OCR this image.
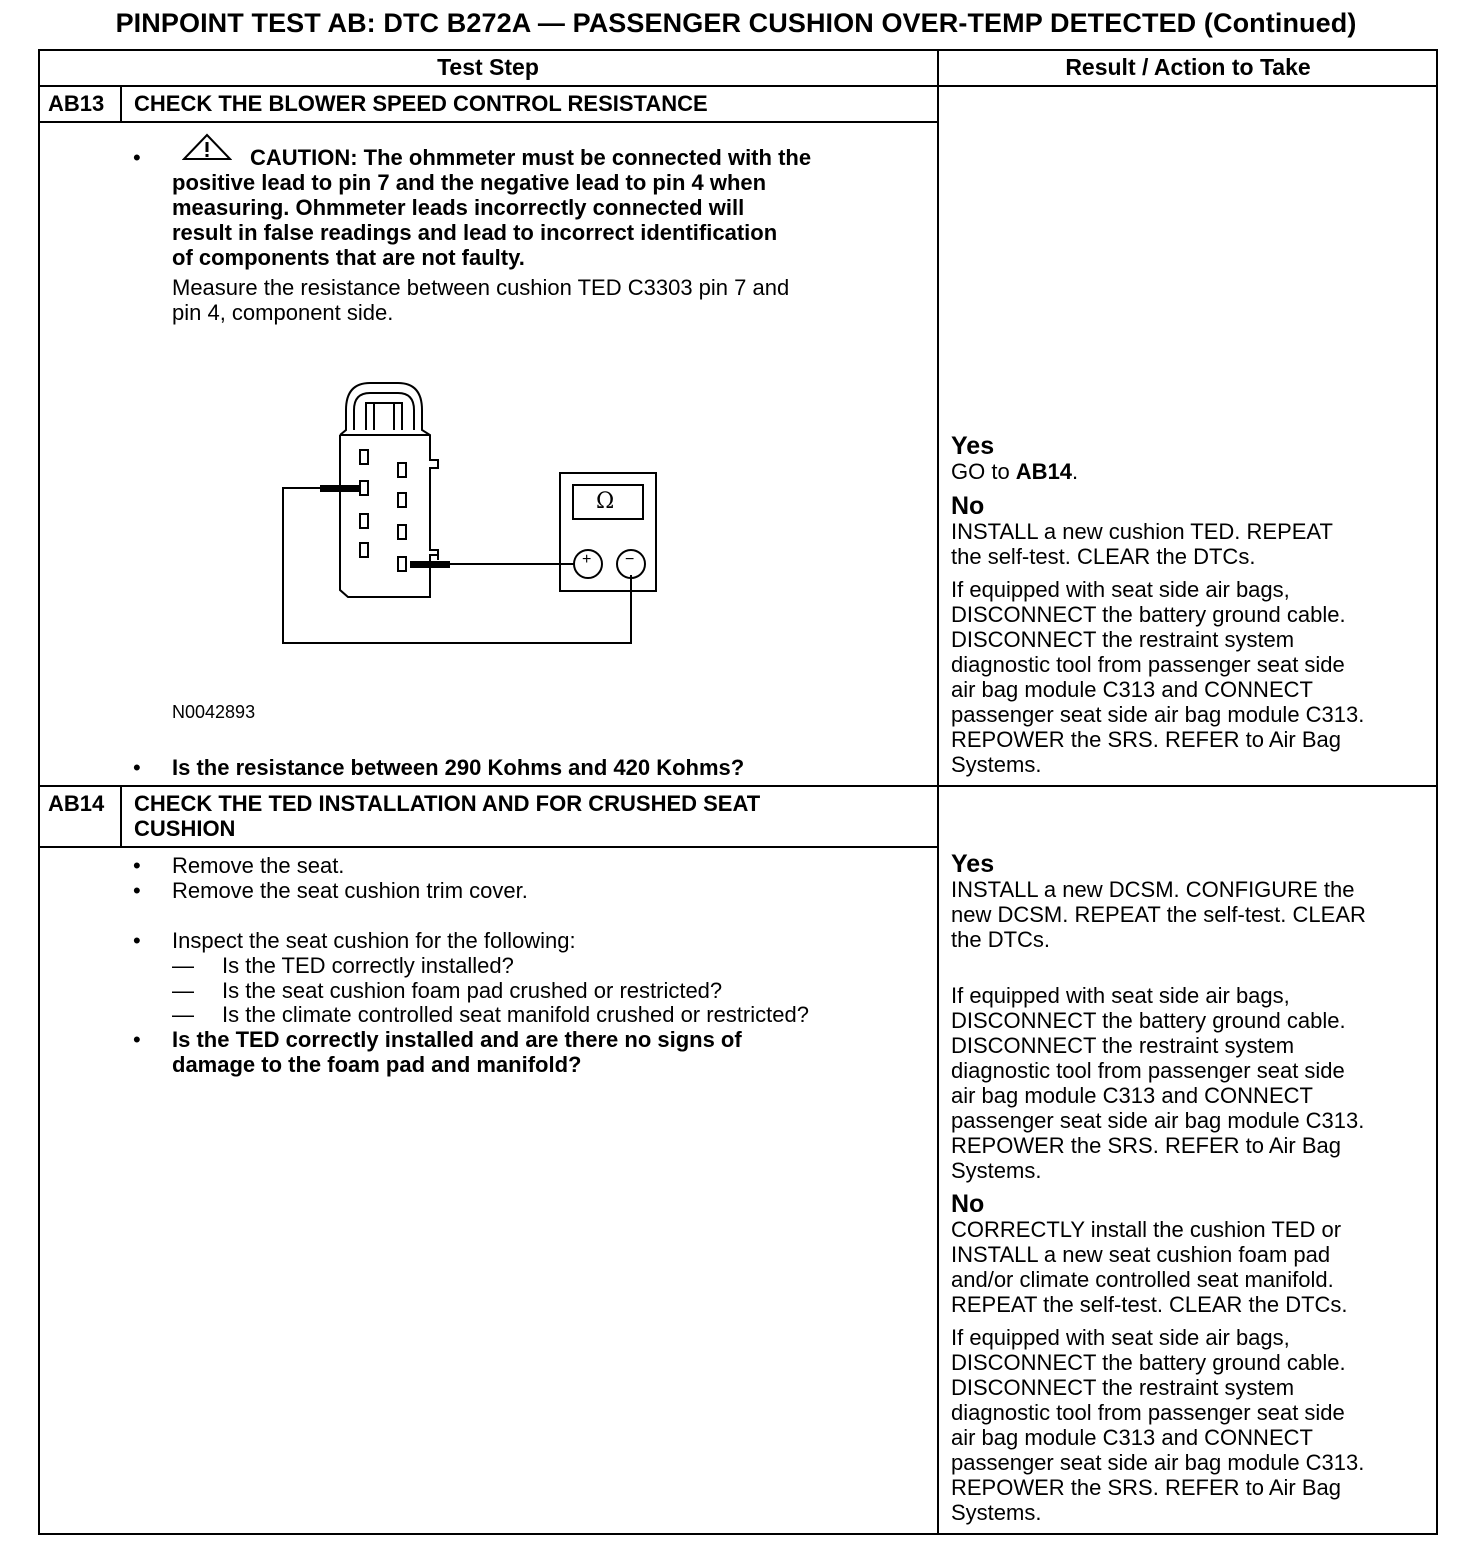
PINPOINT TEST AB: DTC B272A — PASSENGER CUSHION OVER-TEMP DETECTED (Continued)
Test Step	Result / Action to Take
AB13 CHECK THE BLOWER SPEED CONTROL RESISTANCE
•	CAUTION: The ohmmeter must be connected with the
positive lead to pin 7 and the negative lead to pin 4 when
measuring. Ohmmeter leads incorrectly connected will
result in false readings and lead to incorrect identification
of components that are not faulty.
Measure the resistance between cushion TED C3303 pin 7 and
pin 4, component side.
Ω
+ −
N0042893
• Is the resistance between 290 Kohms and 420 Kohms?
Yes
GO to AB14.
No
INSTALL a new cushion TED. REPEAT
the self-test. CLEAR the DTCs.
If equipped with seat side air bags,
DISCONNECT the battery ground cable.
DISCONNECT the restraint system
diagnostic tool from passenger seat side
air bag module C313 and CONNECT
passenger seat side air bag module C313.
REPOWER the SRS. REFER to Air Bag
Systems.
AB14 CHECK THE TED INSTALLATION AND FOR CRUSHED SEAT
CUSHION
• Remove the seat.
• Remove the seat cushion trim cover.
• Inspect the seat cushion for the following:
— Is the TED correctly installed?
— Is the seat cushion foam pad crushed or restricted?
— Is the climate controlled seat manifold crushed or restricted?
• Is the TED correctly installed and are there no signs of
damage to the foam pad and manifold?
Yes
INSTALL a new DCSM. CONFIGURE the
new DCSM. REPEAT the self-test. CLEAR
the DTCs.
If equipped with seat side air bags,
DISCONNECT the battery ground cable.
DISCONNECT the restraint system
diagnostic tool from passenger seat side
air bag module C313 and CONNECT
passenger seat side air bag module C313.
REPOWER the SRS. REFER to Air Bag
Systems.
No
CORRECTLY install the cushion TED or
INSTALL a new seat cushion foam pad
and/or climate controlled seat manifold.
REPEAT the self-test. CLEAR the DTCs.
If equipped with seat side air bags,
DISCONNECT the battery ground cable.
DISCONNECT the restraint system
diagnostic tool from passenger seat side
air bag module C313 and CONNECT
passenger seat side air bag module C313.
REPOWER the SRS. REFER to Air Bag
Systems.
